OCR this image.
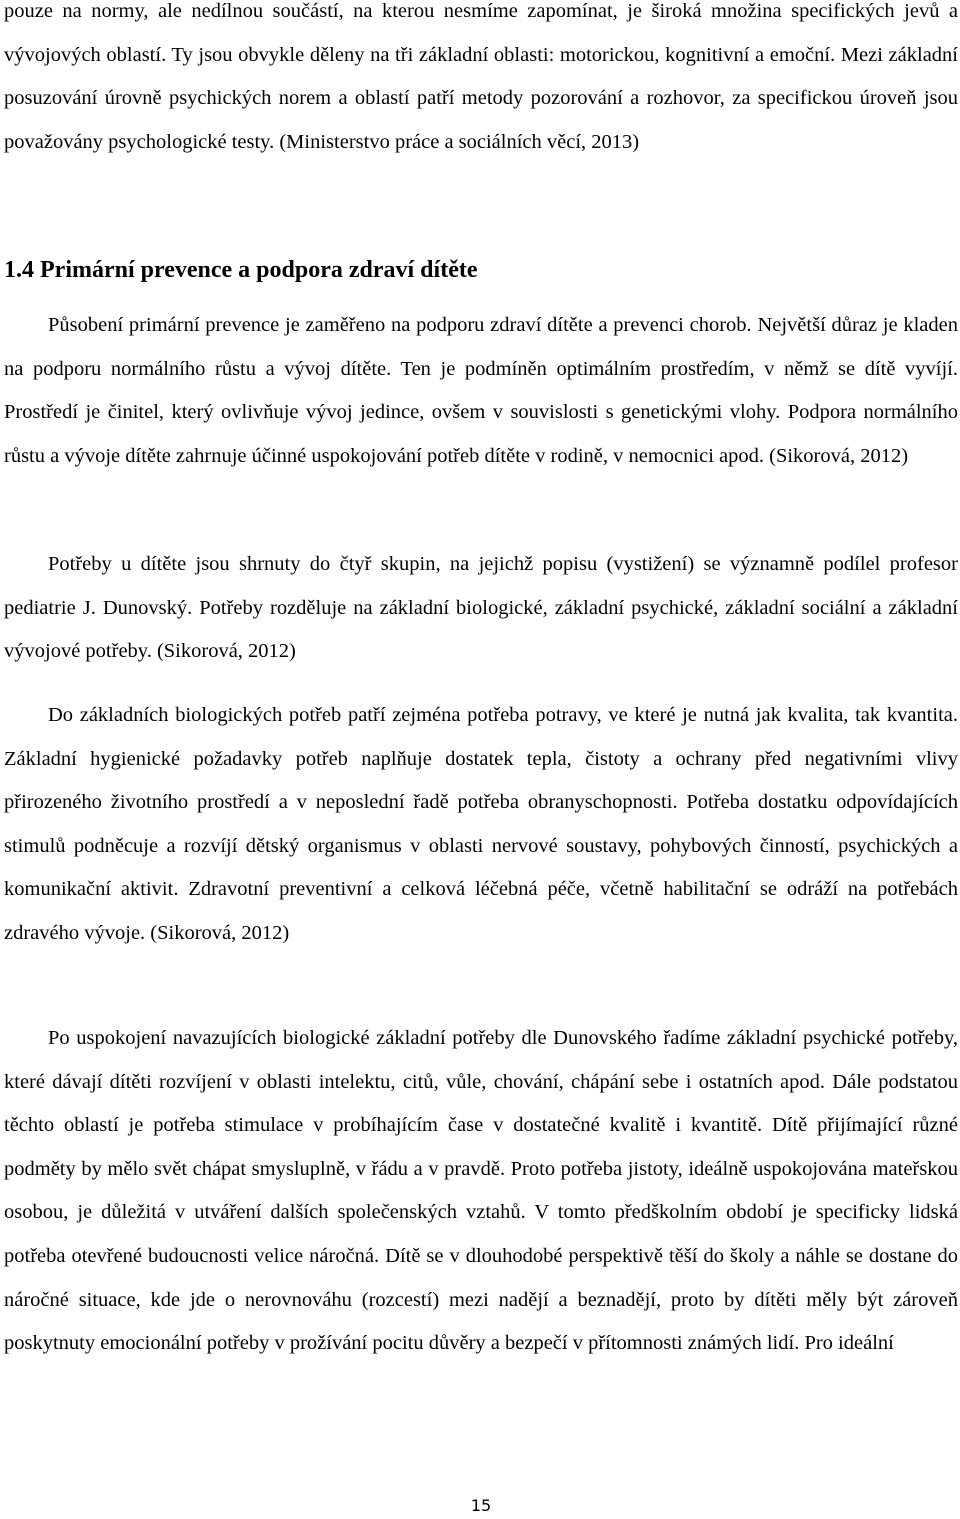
pouze na normy, ale nedílnou součástí, na kterou nesmíme zapomínat, je široká množina specifických jevů a vývojových oblastí. Ty jsou obvykle děleny na tři základní oblasti: motorickou, kognitivní a emoční. Mezi základní posuzování úrovně psychických norem a oblastí patří metody pozorování a rozhovor, za specifickou úroveň jsou považovány psychologické testy. (Ministerstvo práce a sociálních věcí, 2013)

1.4 Primární prevence a podpora zdraví dítěte

Působení primární prevence je zaměřeno na podporu zdraví dítěte a prevenci chorob. Největší důraz je kladen na podporu normálního růstu a vývoj dítěte. Ten je podmíněn optimálním prostředím, v němž se dítě vyvíjí. Prostředí je činitel, který ovlivňuje vývoj jedince, ovšem v souvislosti s genetickými vlohy. Podpora normálního růstu a vývoje dítěte zahrnuje účinné uspokojování potřeb dítěte v rodině, v nemocnici apod. (Sikorová, 2012)

Potřeby u dítěte jsou shrnuty do čtyř skupin, na jejichž popisu (vystižení) se významně podílel profesor pediatrie J. Dunovský. Potřeby rozděluje na základní biologické, základní psychické, základní sociální a základní vývojové potřeby. (Sikorová, 2012)

Do základních biologických potřeb patří zejména potřeba potravy, ve které je nutná jak kvalita, tak kvantita. Základní hygienické požadavky potřeb naplňuje dostatek tepla, čistoty a ochrany před negativními vlivy přirozeného životního prostředí a v neposlední řadě potřeba obranyschopnosti. Potřeba dostatku odpovídajících stimulů podněcuje a rozvíjí dětský organismus v oblasti nervové soustavy, pohybových činností, psychických a komunikační aktivit. Zdravotní preventivní a celková léčebná péče, včetně habilitační se odráží na potřebách zdravého vývoje. (Sikorová, 2012)

Po uspokojení navazujících biologické základní potřeby dle Dunovského řadíme základní psychické potřeby, které dávají dítěti rozvíjení v oblasti intelektu, citů, vůle, chování, chápání sebe i ostatních apod. Dále podstatou těchto oblastí je potřeba stimulace v probíhajícím čase v dostatečné kvalitě i kvantitě. Dítě přijímající různé podměty by mělo svět chápat smysluplně, v řádu a v pravdě. Proto potřeba jistoty, ideálně uspokojována mateřskou osobou, je důležitá v utváření dalších společenských vztahů. V tomto předškolním období je specificky lidská potřeba otevřené budoucnosti velice náročná. Dítě se v dlouhodobé perspektivě těší do školy a náhle se dostane do náročné situace, kde jde o nerovnováhu (rozcestí) mezi nadějí a beznadějí, proto by dítěti měly být zároveň poskytnuty emocionální potřeby v prožívání pocitu důvěry a bezpečí v přítomnosti známých lidí. Pro ideální

15
